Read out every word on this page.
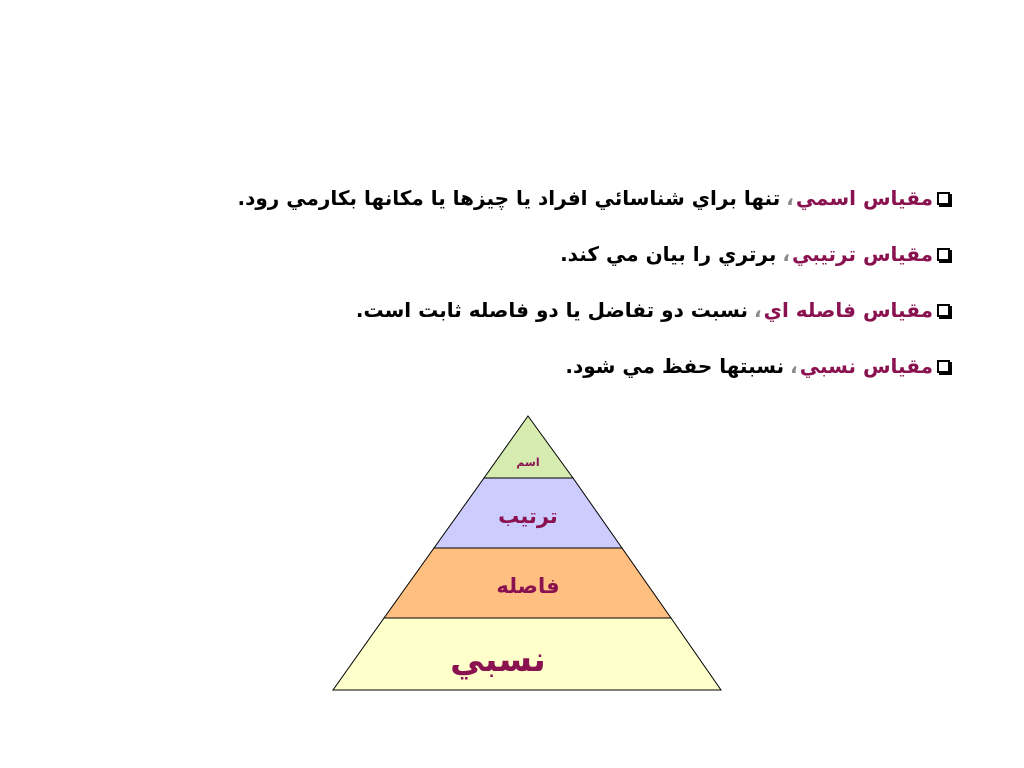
مقياس اسمي
،
تنها براي شناسائي افراد يا چيزها يا مكانها بكارمي رود
.
مقياس ترتيبي
،
برتري را بيان مي كند
.
مقياس فاصله اي
،
نسبت دو تفاضل يا دو فاصله ثابت است
.
مقياس نسبي
،
نسبتها حفظ مي شود
.
اسم
ترتيب
فاصله
نسبي
